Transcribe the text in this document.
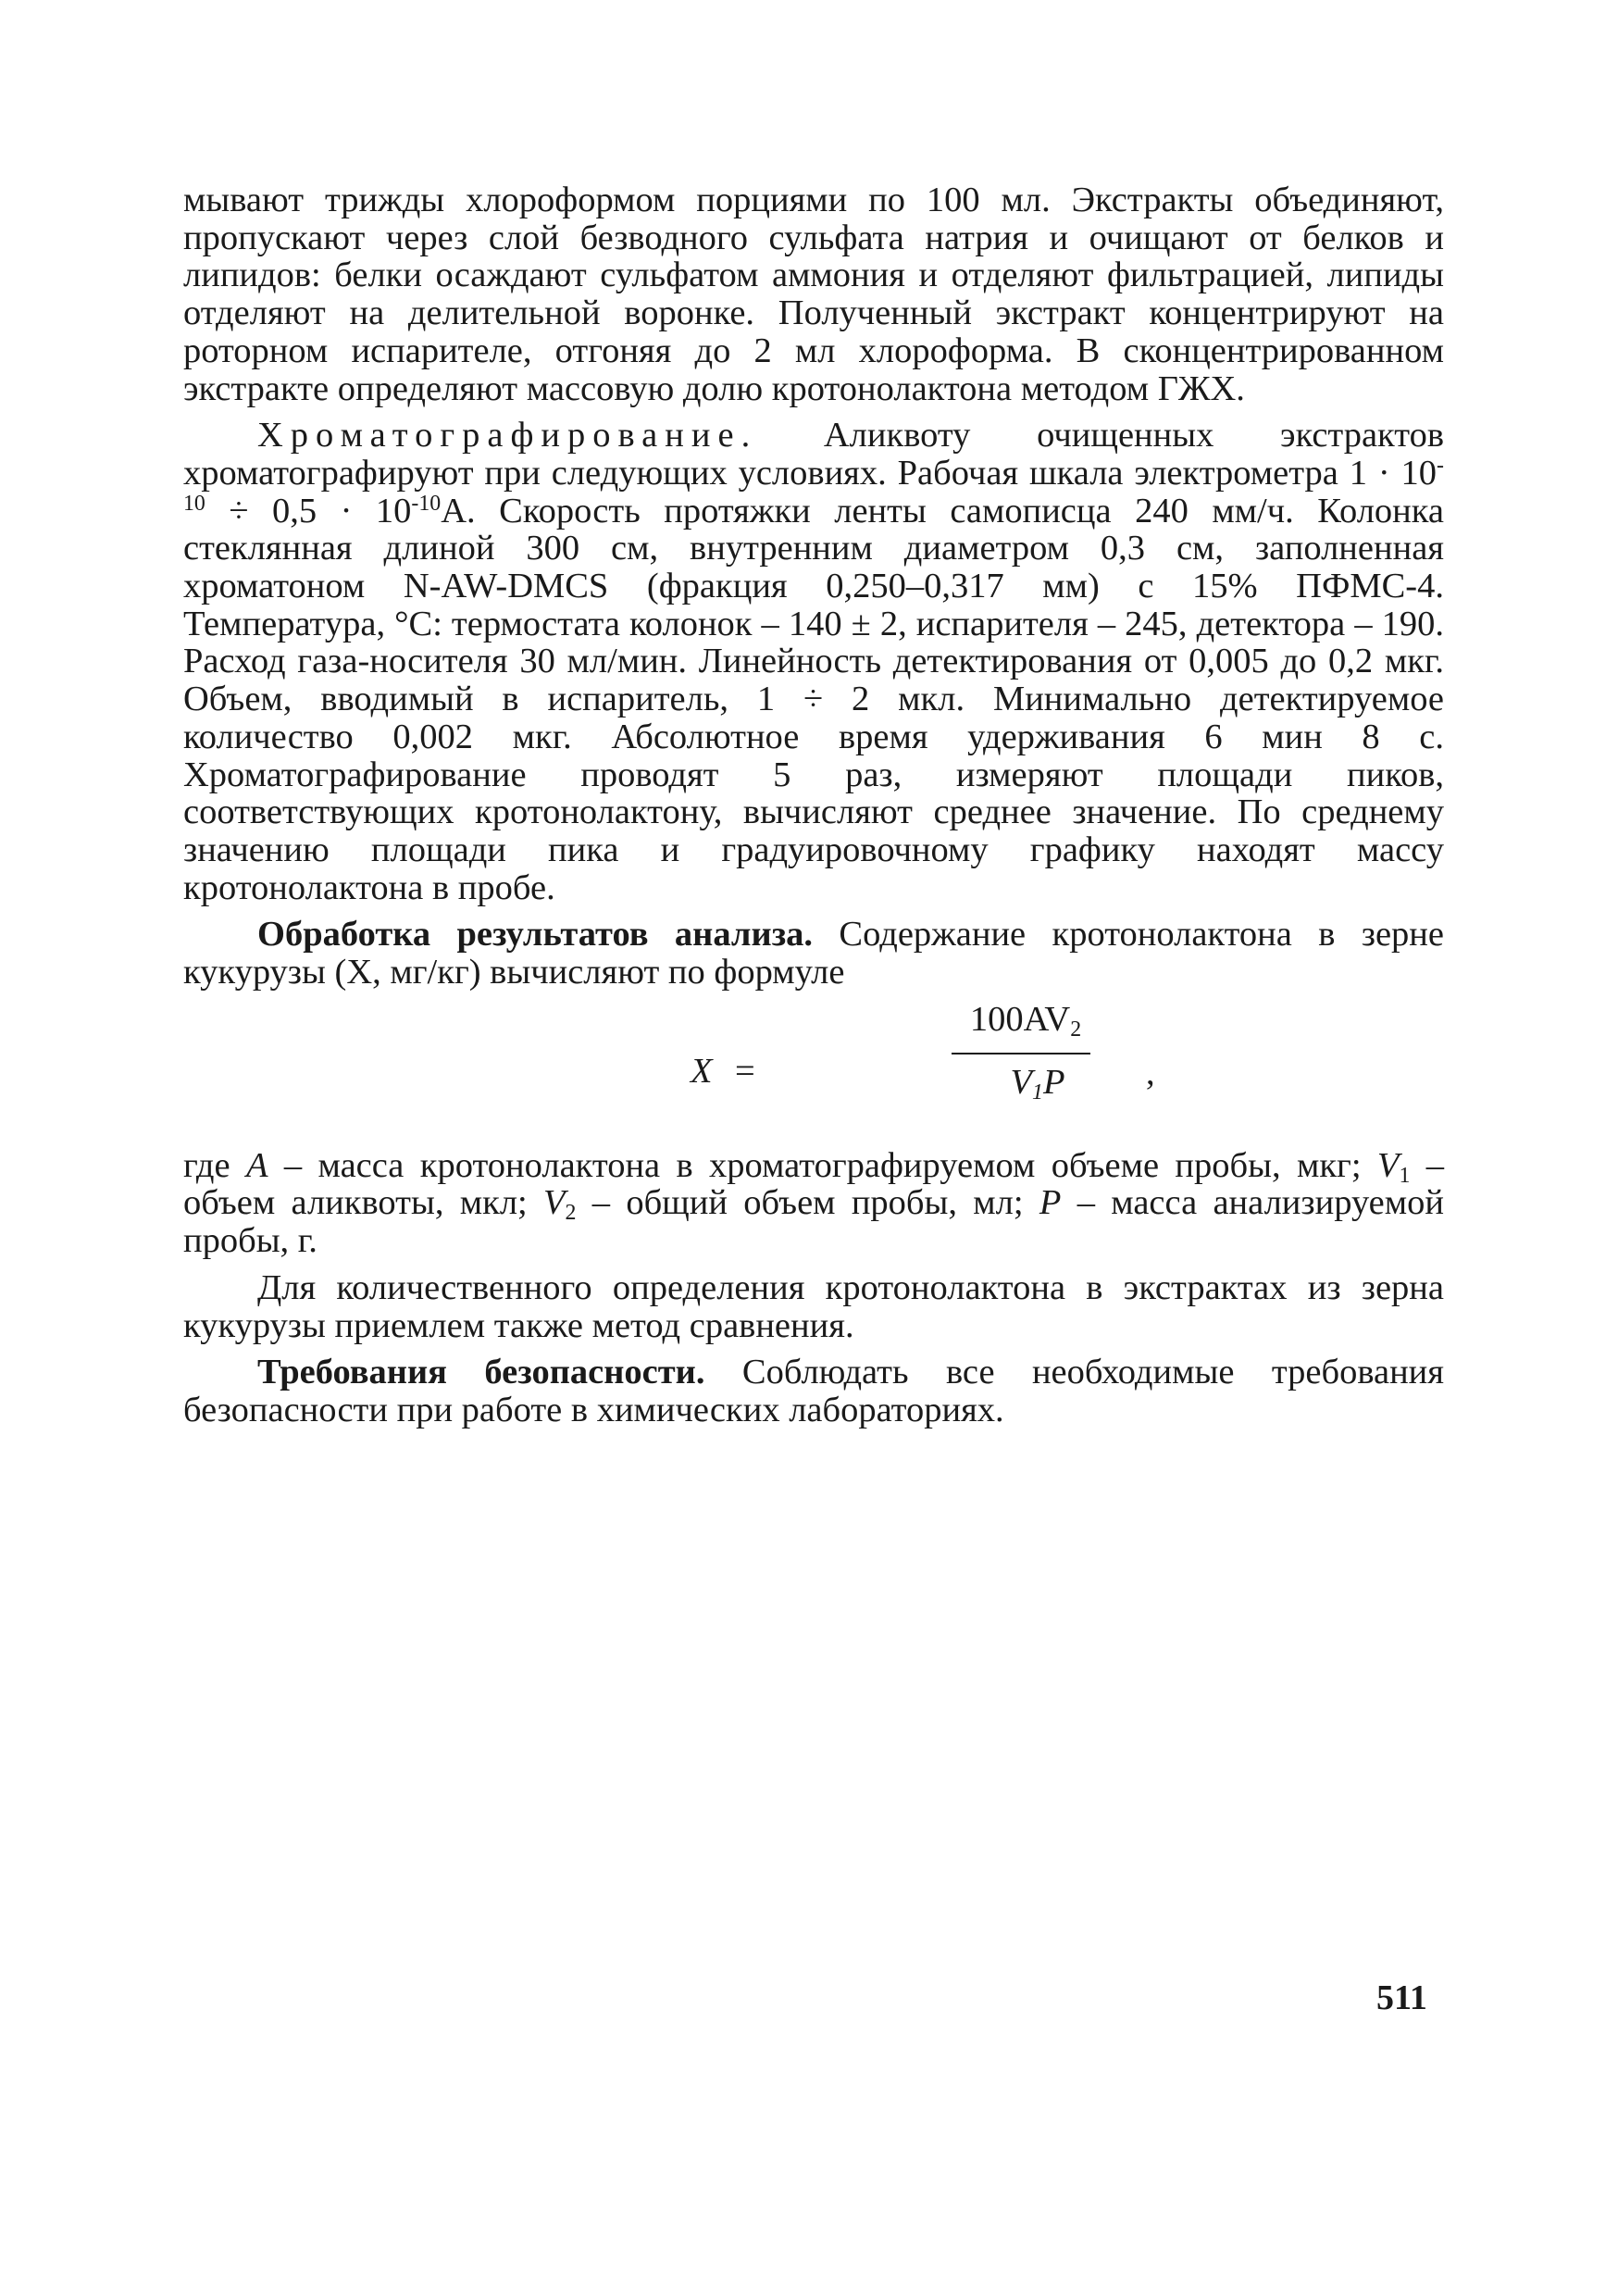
мывают трижды хлороформом порциями по 100 мл. Экстракты объединяют, пропускают через слой безводного сульфата натрия и очищают от белков и липидов: белки осаждают сульфатом аммония и отделяют фильтрацией, липиды отделяют на делительной воронке. Полученный экстракт концентрируют на роторном испарителе, отгоняя до 2 мл хлороформа. В сконцентрированном экстракте определяют массовую долю кротонолактона методом ГЖХ.

Хроматографирование. Аликвоту очищенных экстрактов хроматографируют при следующих условиях. Рабочая шкала электрометра $1 \cdot 10^{-10} \div 0,5 \cdot 10^{-10}А$. Скорость протяжки ленты самописца 240 мм/ч. Колонка стеклянная длиной 300 см, внутренним диаметром 0,3 см, заполненная хроматоном N-AW-DMCS (фракция 0,250–0,317 мм) с 15% ПФМС-4. Температура, °С: термостата колонок – 140 ± 2, испарителя – 245, детектора – 190. Расход газа-носителя 30 мл/мин. Линейность детектирования от 0,005 до 0,2 мкг. Объем, вводимый в испаритель, 1 ÷ 2 мкл. Минимально детектируемое количество 0,002 мкг. Абсолютное время удерживания 6 мин 8 с. Хроматографирование проводят 5 раз, измеряют площади пиков, соответствующих кротонолактону, вычисляют среднее значение. По среднему значению площади пика и градуировочному графику находят массу кротонолактона в пробе.

Обработка результатов анализа. Содержание кротонолактона в зерне кукурузы (X, мг/кг) вычисляют по формуле

X =
$100AV_2$
$V_1P$	,

где A – масса кротонолактона в хроматографируемом объеме пробы, мкг; $V_1$ – объем аликвоты, мкл; $V_2$ – общий объем пробы, мл; P – масса анализируемой пробы, г.

Для количественного определения кротонолактона в экстрактах из зерна кукурузы приемлем также метод сравнения.

Требования безопасности. Соблюдать все необходимые требования безопасности при работе в химических лабораториях.

511
